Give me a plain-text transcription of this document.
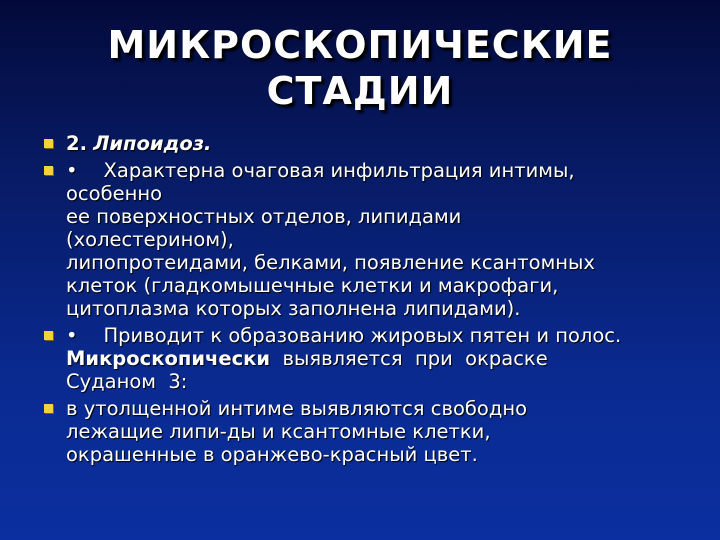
МИКРОСКОПИЧЕСКИЕ
СТАДИИ
2. Липоидоз.
• Характерна очаговая инфильтрация интимы,
особенно
ее поверхностных отделов, липидами
(холестерином),
липопротеидами, белками, появление ксантомных
клеток (гладкомышечные клетки и макрофаги,
цитоплазма которых заполнена липидами).
• Приводит к образованию жировых пятен и полос.
Микроскопически  выявляется  при  окраске
Суданом  3:
в утолщенной интиме выявляются свободно
лежащие липи-ды и ксантомные клетки,
окрашенные в оранжево-красный цвет.
